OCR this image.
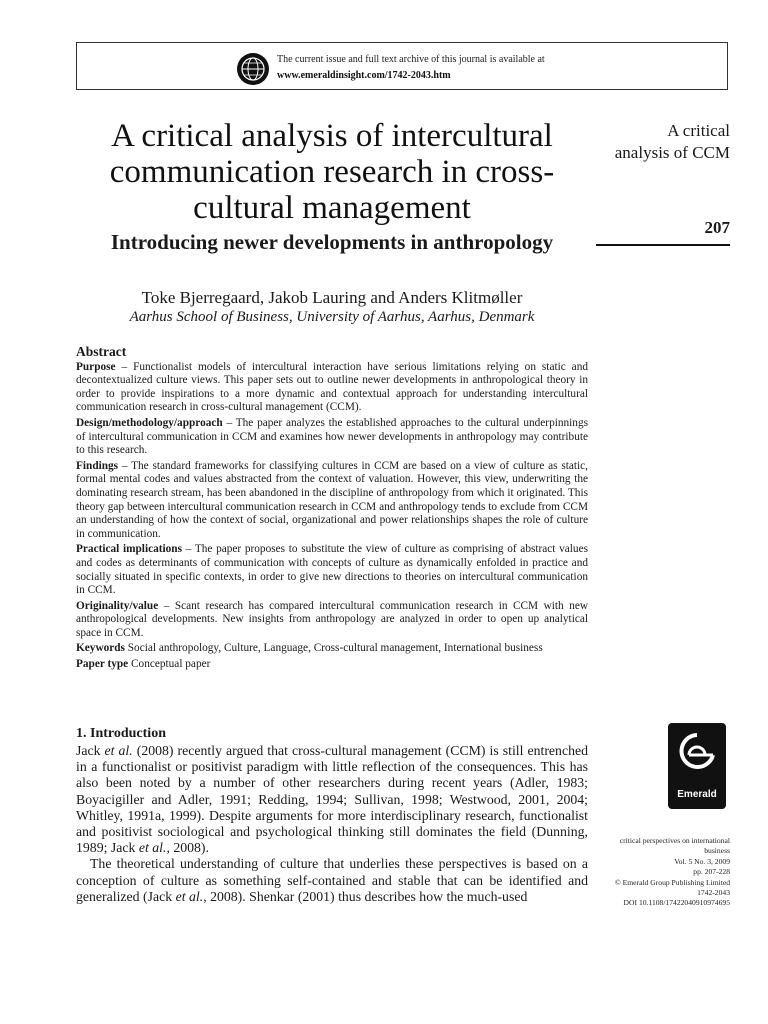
The current issue and full text archive of this journal is available at
www.emeraldinsight.com/1742-2043.htm
A critical analysis of intercultural communication research in cross-cultural management
Introducing newer developments in anthropology
Toke Bjerregaard, Jakob Lauring and Anders Klitmøller
Aarhus School of Business, University of Aarhus, Aarhus, Denmark
A critical
analysis of CCM
207
Abstract

Purpose – Functionalist models of intercultural interaction have serious limitations relying on static and decontextualized culture views. This paper sets out to outline newer developments in anthropological theory in order to provide inspirations to a more dynamic and contextual approach for understanding intercultural communication research in cross-cultural management (CCM).

Design/methodology/approach – The paper analyzes the established approaches to the cultural underpinnings of intercultural communication in CCM and examines how newer developments in anthropology may contribute to this research.

Findings – The standard frameworks for classifying cultures in CCM are based on a view of culture as static, formal mental codes and values abstracted from the context of valuation. However, this view, underwriting the dominating research stream, has been abandoned in the discipline of anthropology from which it originated. This theory gap between intercultural communication research in CCM and anthropology tends to exclude from CCM an understanding of how the context of social, organizational and power relationships shapes the role of culture in communication.

Practical implications – The paper proposes to substitute the view of culture as comprising of abstract values and codes as determinants of communication with concepts of culture as dynamically enfolded in practice and socially situated in specific contexts, in order to give new directions to theories on intercultural communication in CCM.

Originality/value – Scant research has compared intercultural communication research in CCM with new anthropological developments. New insights from anthropology are analyzed in order to open up analytical space in CCM.

Keywords Social anthropology, Culture, Language, Cross-cultural management, International business

Paper type Conceptual paper

1. Introduction

Jack et al. (2008) recently argued that cross-cultural management (CCM) is still entrenched in a functionalist or positivist paradigm with little reflection of the consequences. This has also been noted by a number of other researchers during recent years (Adler, 1983; Boyacigiller and Adler, 1991; Redding, 1994; Sullivan, 1998; Westwood, 2001, 2004; Whitley, 1991a, 1999). Despite arguments for more interdisciplinary research, functionalist and positivist sociological and psychological thinking still dominates the field (Dunning, 1989; Jack et al., 2008).

The theoretical understanding of culture that underlies these perspectives is based on a conception of culture as something self-contained and stable that can be identified and generalized (Jack et al., 2008). Shenkar (2001) thus describes how the much-used

Emerald
critical perspectives on international
business
Vol. 5 No. 3, 2009
pp. 207-228
© Emerald Group Publishing Limited
1742-2043
DOI 10.1108/17422040910974695
